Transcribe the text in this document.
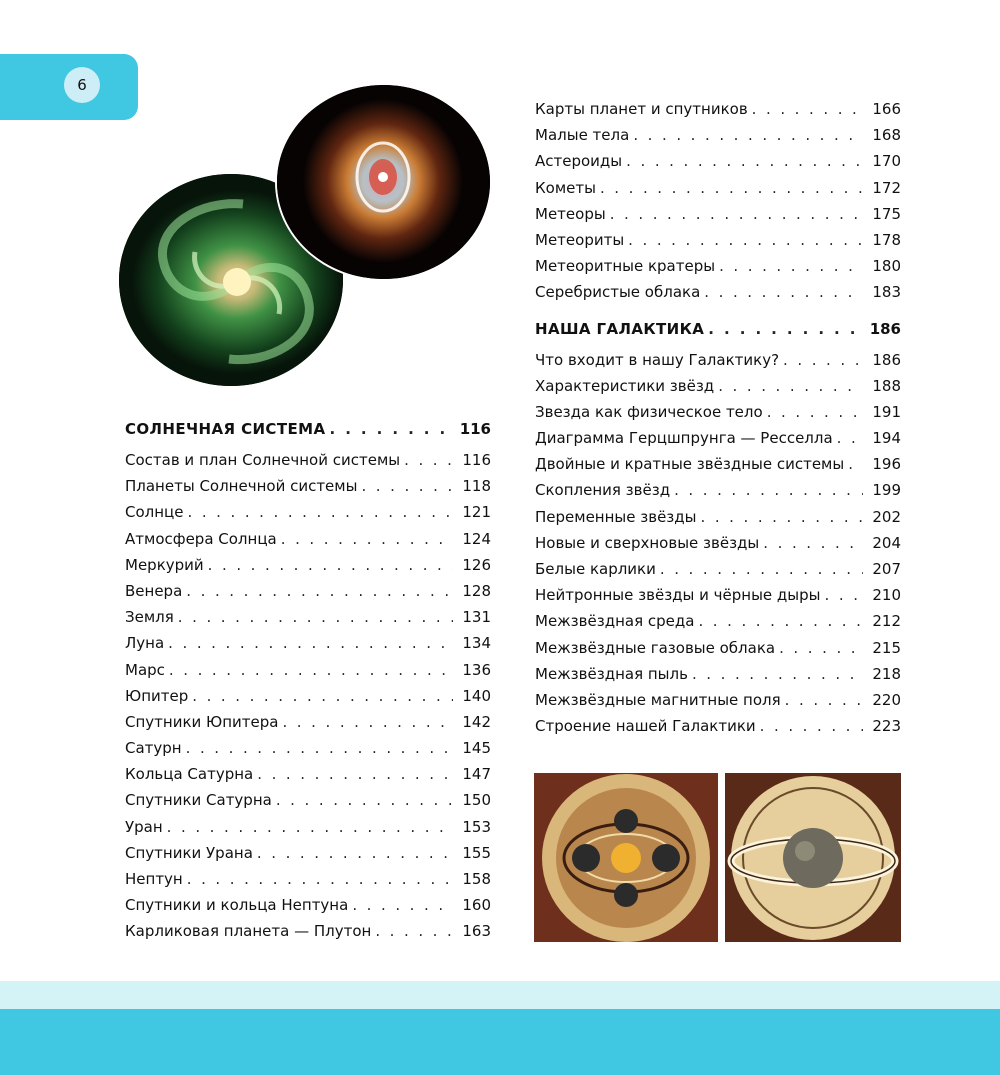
6
СОЛНЕЧНАЯ СИСТЕМА . . .	116
Состав и план Солнечной системы . . .	116
Планеты Солнечной системы . . .	118
Солнце . . .	121
Атмосфера Солнца . . .	124
Меркурий . . .	126
Венера . . .	128
Земля . . .	131
Луна . . .	134
Марс . . .	136
Юпитер . . .	140
Спутники Юпитера . . .	142
Сатурн . . .	145
Кольца Сатурна . . .	147
Спутники Сатурна . . .	150
Уран . . .	153
Спутники Урана . . .	155
Нептун . . .	158
Спутники и кольца Нептуна . . .	160
Карликовая планета — Плутон . . .	163
Карты планет и спутников . . .	166
Малые тела . . .	168
Астероиды . . .	170
Кометы . . .	172
Метеоры . . .	175
Метеориты . . .	178
Метеоритные кратеры . . .	180
Серебристые облака . . .	183
НАША ГАЛАКТИКА . . .	186
Что входит в нашу Галактику? . . .	186
Характеристики звёзд . . .	188
Звезда как физическое тело . . .	191
Диаграмма Герцшпрунга — Ресселла . . .	194
Двойные и кратные звёздные системы . . .	196
Скопления звёзд . . .	199
Переменные звёзды . . .	202
Новые и сверхновые звёзды . . .	204
Белые карлики . . .	207
Нейтронные звёзды и чёрные дыры . . .	210
Межзвёздная среда . . .	212
Межзвёздные газовые облака . . .	215
Межзвёздная пыль . . .	218
Межзвёздные магнитные поля . . .	220
Строение нашей Галактики . . .	223
